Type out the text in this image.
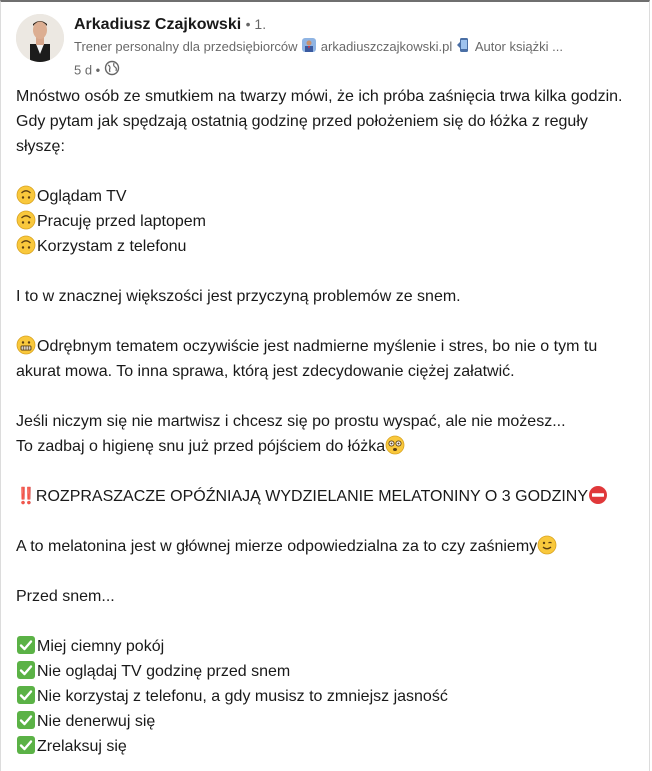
Arkadiusz Czajkowski • 1.
Trener personalny dla przedsiębiorców arkadiuszczajkowski.pl Autor książki ...
5 d •

Mnóstwo osób ze smutkiem na twarzy mówi, że ich próba zaśnięcia trwa kilka godzin. Gdy pytam jak spędzają ostatnią godzinę przed położeniem się do łóżka z reguły słyszę:

Oglądam TV

Pracuję przed laptopem

Korzystam z telefonu

I to w znacznej większości jest przyczyną problemów ze snem.

Odrębnym tematem oczywiście jest nadmierne myślenie i stres, bo nie o tym tu akurat mowa. To inna sprawa, którą jest zdecydowanie ciężej załatwić.

Jeśli niczym się nie martwisz i chcesz się po prostu wyspać, ale nie możesz...

To zadbaj o higienę snu już przed pójściem do łóżka

‼️ROZPRASZACZE OPÓŹNIAJĄ WYDZIELANIE MELATONINY O 3 GODZINY

A to melatonina jest w głównej mierze odpowiedzialna za to czy zaśniemy

Przed snem...

Miej ciemny pokój

Nie oglądaj TV godzinę przed snem

Nie korzystaj z telefonu, a gdy musisz to zmniejsz jasność

Nie denerwuj się

Zrelaksuj się
